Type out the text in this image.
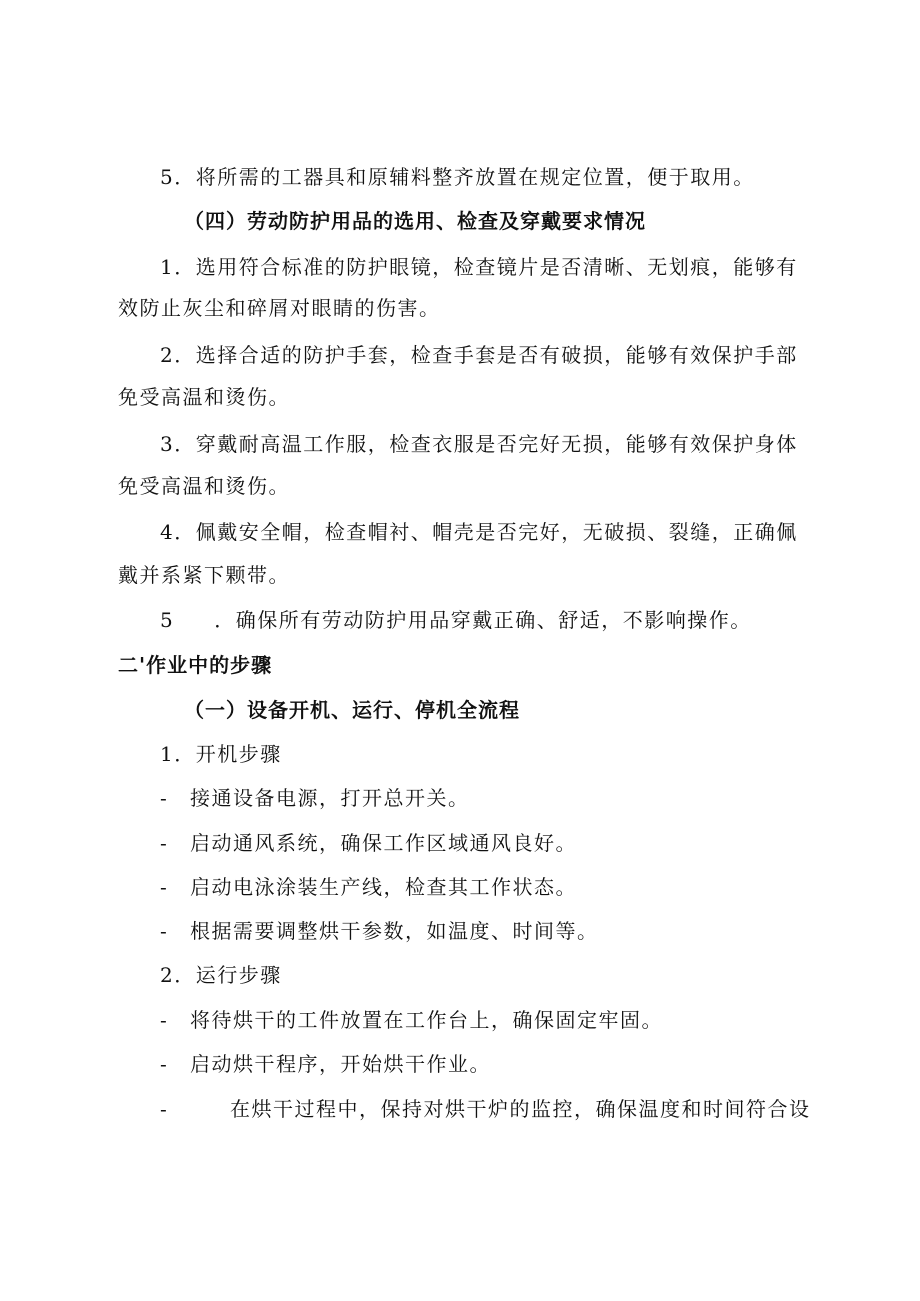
5．将所需的工器具和原辅料整齐放置在规定位置，便于取用。
（四）劳动防护用品的选用、检查及穿戴要求情况
1．选用符合标准的防护眼镜，检查镜片是否清晰、无划痕，能够有
效防止灰尘和碎屑对眼睛的伤害。
2．选择合适的防护手套，检查手套是否有破损，能够有效保护手部
免受高温和烫伤。
3．穿戴耐高温工作服，检查衣服是否完好无损，能够有效保护身体
免受高温和烫伤。
4．佩戴安全帽，检查帽衬、帽壳是否完好，无破损、裂缝，正确佩
戴并系紧下颗带。
5 ．确保所有劳动防护用品穿戴正确、舒适，不影响操作。
二'作业中的步骤
（一）设备开机、运行、停机全流程
1．开机步骤
- 接通设备电源，打开总开关。
- 启动通风系统，确保工作区域通风良好。
- 启动电泳涂装生产线，检查其工作状态。
- 根据需要调整烘干参数，如温度、时间等。
2．运行步骤
- 将待烘干的工件放置在工作台上，确保固定牢固。
- 启动烘干程序，开始烘干作业。
-	在烘干过程中，保持对烘干炉的监控，确保温度和时间符合设
